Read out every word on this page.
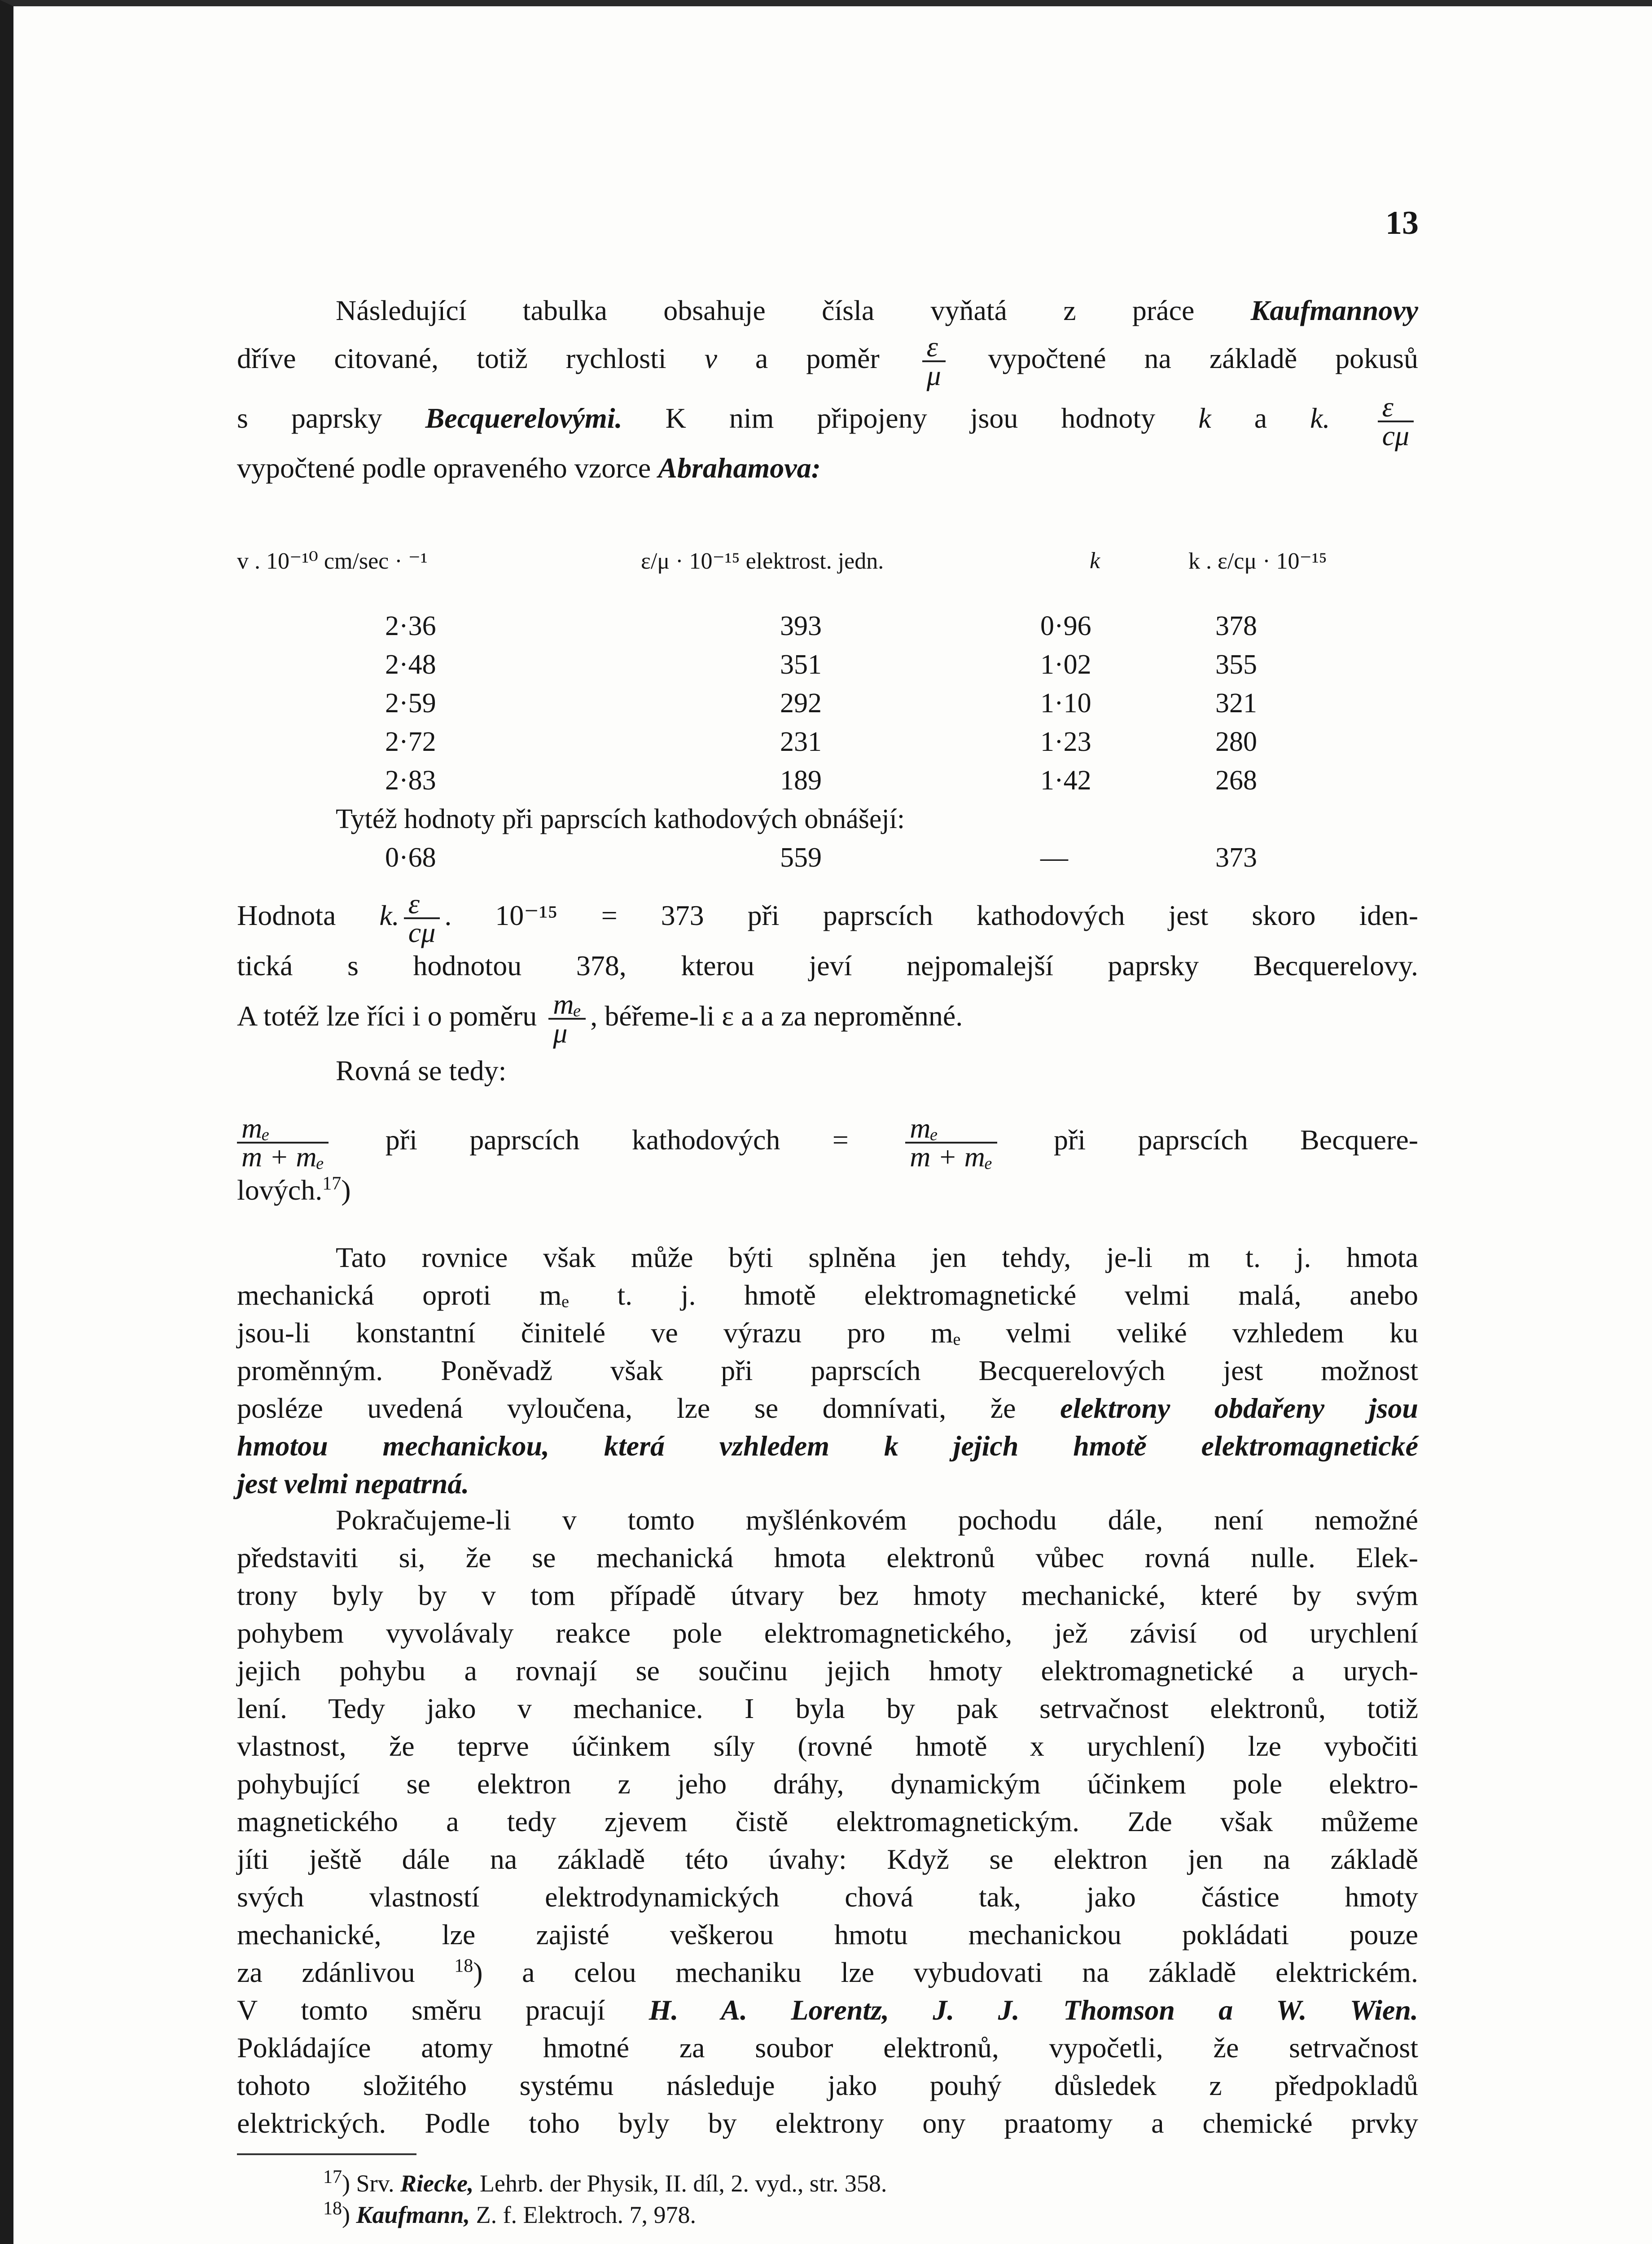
13

Následující tabulka obsahuje čísla vyňatá z práce Kaufmannovy

dříve citované, totiž rychlosti v a poměr $\frac{\varepsilon}{\mu}$ vypočtené na základě pokusů

s paprsky Becquerelovými. K nim připojeny jsou hodnoty k a k. $\frac{\varepsilon}{c\mu}$

vypočtené podle opraveného vzorce Abrahamova:

v . 10⁻¹⁰ cm/sec · ⁻¹	ε/μ · 10⁻¹⁵ elektrost. jedn.	k	k . ε/cμ · 10⁻¹⁵
2·36	393	0·96	378
2·48	351	1·02	355
2·59	292	1·10	321
2·72	231	1·23	280
2·83	189	1·42	268
Tytéž hodnoty při paprscích kathodových obnášejí:
0·68	559	—	373

Hodnota k. $\frac{\varepsilon}{c\mu}$ . 10⁻¹⁵ = 373 při paprscích kathodových jest skoro iden-

tická s hodnotou 378, kterou jeví nejpomalejší paprsky Becquerelovy.

A totéž lze říci i o poměru $\frac{\text{mₑ}}{\mu}$ , béřeme-li ε a a za neproměnné.

Rovná se tedy:

$\frac{\text{mₑ}}{\text{m + mₑ}}$ při paprscích kathodových = $\frac{\text{mₑ}}{\text{m + mₑ}}$ při paprscích Becquere-

lových.$^{17}$)

Tato rovnice však může býti splněna jen tehdy, je-li m t. j. hmota

mechanická oproti mₑ t. j. hmotě elektromagnetické velmi malá, anebo

jsou-li konstantní činitelé ve výrazu pro mₑ velmi veliké vzhledem ku

proměnným. Poněvadž však při paprscích Becquerelových jest možnost

posléze uvedená vyloučena, lze se domnívati, že elektrony obdařeny jsou

hmotou mechanickou, která vzhledem k jejich hmotě elektromagnetické

jest velmi nepatrná.

Pokračujeme-li v tomto myšlénkovém pochodu dále, není nemožné

představiti si, že se mechanická hmota elektronů vůbec rovná nulle. Elek-

trony byly by v tom případě útvary bez hmoty mechanické, které by svým

pohybem vyvolávaly reakce pole elektromagnetického, jež závisí od urychlení

jejich pohybu a rovnají se součinu jejich hmoty elektromagnetické a urych-

lení. Tedy jako v mechanice. I byla by pak setrvačnost elektronů, totiž

vlastnost, že teprve účinkem síly (rovné hmotě x urychlení) lze vybočiti

pohybující se elektron z jeho dráhy, dynamickým účinkem pole elektro-

magnetického a tedy zjevem čistě elektromagnetickým. Zde však můžeme

jíti ještě dále na základě této úvahy: Když se elektron jen na základě

svých vlastností elektrodynamických chová tak, jako částice hmoty

mechanické, lze zajisté veškerou hmotu mechanickou pokládati pouze

za zdánlivou $^{18}$) a celou mechaniku lze vybudovati na základě elektrickém.

V tomto směru pracují H. A. Lorentz, J. J. Thomson a W. Wien.

Pokládajíce atomy hmotné za soubor elektronů, vypočetli, že setrvačnost

tohoto složitého systému následuje jako pouhý důsledek z předpokladů

elektrických. Podle toho byly by elektrony ony praatomy a chemické prvky

$^{17}$) Srv. Riecke, Lehrb. der Physik, II. díl, 2. vyd., str. 358.
$^{18}$) Kaufmann, Z. f. Elektroch. 7, 978.
